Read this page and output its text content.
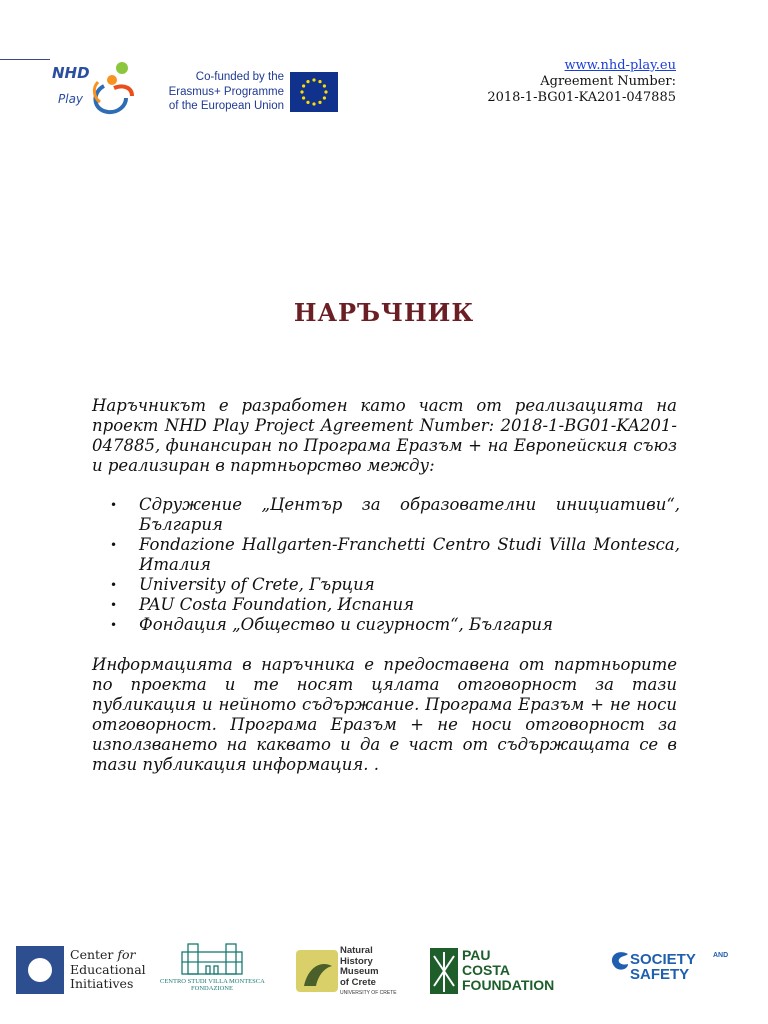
NHD
Play
Co-funded by the
Erasmus+ Programme
of the European Union
www.nhd-play.eu
Agreement Number:
2018-1-BG01-KA201-047885
НАРЪЧНИК
Наръчникът е разработен като част от реализацията на проект NHD Play Project Agreement Number: 2018-1-BG01-KA201-047885, финансиран по Програма Еразъм + на Европейския съюз и реализиран в партньорство между:
• Сдружение „Център за образователни инициативи“, България
• Fondazione Hallgarten-Franchetti Centro Studi Villa Montesca, Италия
• University of Crete, Гърция
• PAU Costa Foundation, Испания
• Фондация „Общество и сигурност“, България
Информацията в наръчника е предоставена от партньорите по проекта и те носят цялата отговорност за тази публикация и нейното съдържание. Програма Еразъм + не носи отговорност. Програма Еразъм + не носи отговорност за използването на каквато и да е част от съдържащата се в тази публикация информация. .
Center for
Educational
Initiatives	CENTRO STUDI VILLA MONTESCA
FONDAZIONE
Natural
History
Museum
of Crete
UNIVERSITY OF CRETE
PAU
COSTA
FOUNDATION
SOCIETY
SAFETY
AND
